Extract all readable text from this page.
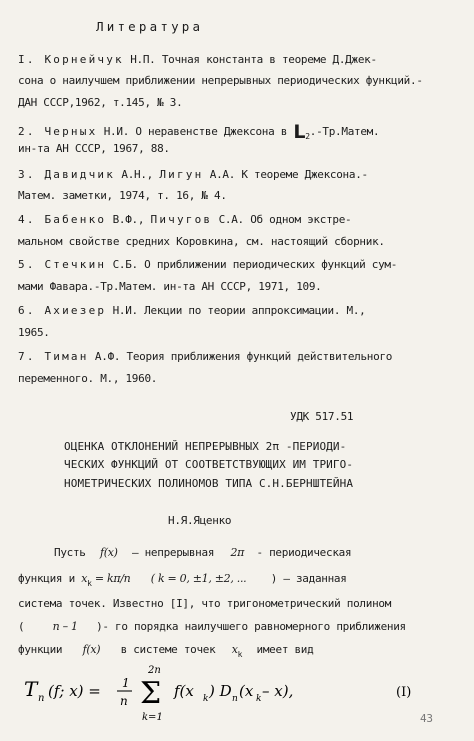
Литература
I. Корнейчук Н.П. Точная константа в теореме Д.Джек-
сона о наилучшем приближении непрерывных периодических функций.-
ДАН СССР,1962, т.145, № 3.
2. Черных Н.И. О неравенстве Джексона в $L_2.-Тр.Матем$.
ин-та АН СССР, 1967, 88.
3. Давидчик А.Н., Лигун А.А. К теореме Джексона.-
Матем. заметки, 1974, т. 16, № 4.
4. Бабенко В.Ф., Пичугов С.А. Об одном экстре-
мальном свойстве средних Коровкина, см. настоящий сборник.
5. Стечкин С.Б. О приближении периодических функций сум-
мами Фавара.-Тр.Матем. ин-та АН СССР, 1971, 109.
6. Ахиезер Н.И. Лекции по теории аппроксимации. М.,
1965.
7. Тиман А.Ф. Теория приближения функций действительного
переменного. М., 1960.
УДК 517.51
ОЦЕНКА ОТКЛОНЕНИЙ НЕПРЕРЫВНЫХ 2π -ПЕРИОДИ-
ЧЕСКИХ ФУНКЦИЙ ОТ СООТВЕТСТВУЮЩИХ ИМ ТРИГО-
НОМЕТРИЧЕСКИХ ПОЛИНОМОВ ТИПА С.Н.БЕРНШТЕЙНА
Н.Я.Яценко
Пусть f(x) – непрерывная 2π - периодическая
функция и $x_k = k\pi/n$ ( k = 0, ±1, ±2, ... ) – заданная
система точек. Известно [I], что тригонометрический полином
(	n – 1 )- го порядка наилучшего равномерного приближения
функции f(x) в системе точек $x_k$ имеет вид
T n (f; x) = 1
n
2n
Σ
k=1
f(x k ) D n (x k – x),	(I)
43
